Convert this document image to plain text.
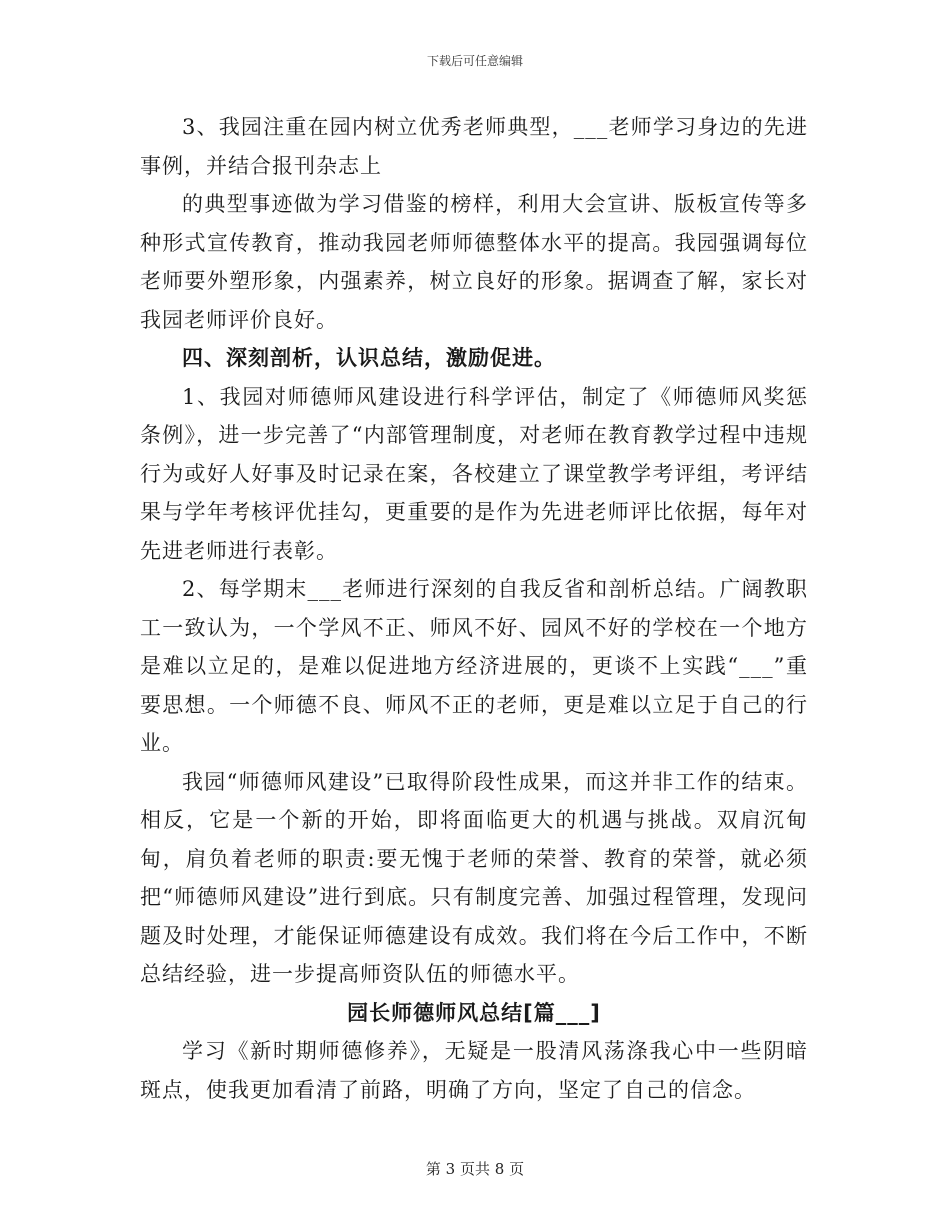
下载后可任意编辑

3、我园注重在园内树立优秀老师典型，___老师学习身边的先进事例，并结合报刊杂志上

的典型事迹做为学习借鉴的榜样，利用大会宣讲、版板宣传等多种形式宣传教育，推动我园老师师德整体水平的提高。我园强调每位老师要外塑形象，内强素养，树立良好的形象。据调查了解，家长对我园老师评价良好。

四、深刻剖析，认识总结，激励促进。

1、我园对师德师风建设进行科学评估，制定了《师德师风奖惩条例》，进一步完善了“内部管理制度，对老师在教育教学过程中违规行为或好人好事及时记录在案，各校建立了课堂教学考评组，考评结果与学年考核评优挂勾，更重要的是作为先进老师评比依据，每年对先进老师进行表彰。

2、每学期末___老师进行深刻的自我反省和剖析总结。广阔教职工一致认为，一个学风不正、师风不好、园风不好的学校在一个地方是难以立足的，是难以促进地方经济进展的，更谈不上实践“___”重要思想。一个师德不良、师风不正的老师，更是难以立足于自己的行业。

我园“师德师风建设”已取得阶段性成果，而这并非工作的结束。相反，它是一个新的开始，即将面临更大的机遇与挑战。双肩沉甸甸，肩负着老师的职责:要无愧于老师的荣誉、教育的荣誉，就必须把“师德师风建设”进行到底。只有制度完善、加强过程管理，发现问题及时处理，才能保证师德建设有成效。我们将在今后工作中，不断总结经验，进一步提高师资队伍的师德水平。

园长师德师风总结[篇___]

学习《新时期师德修养》，无疑是一股清风荡涤我心中一些阴暗斑点，使我更加看清了前路，明确了方向，坚定了自己的信念。

第 3 页共 8 页
